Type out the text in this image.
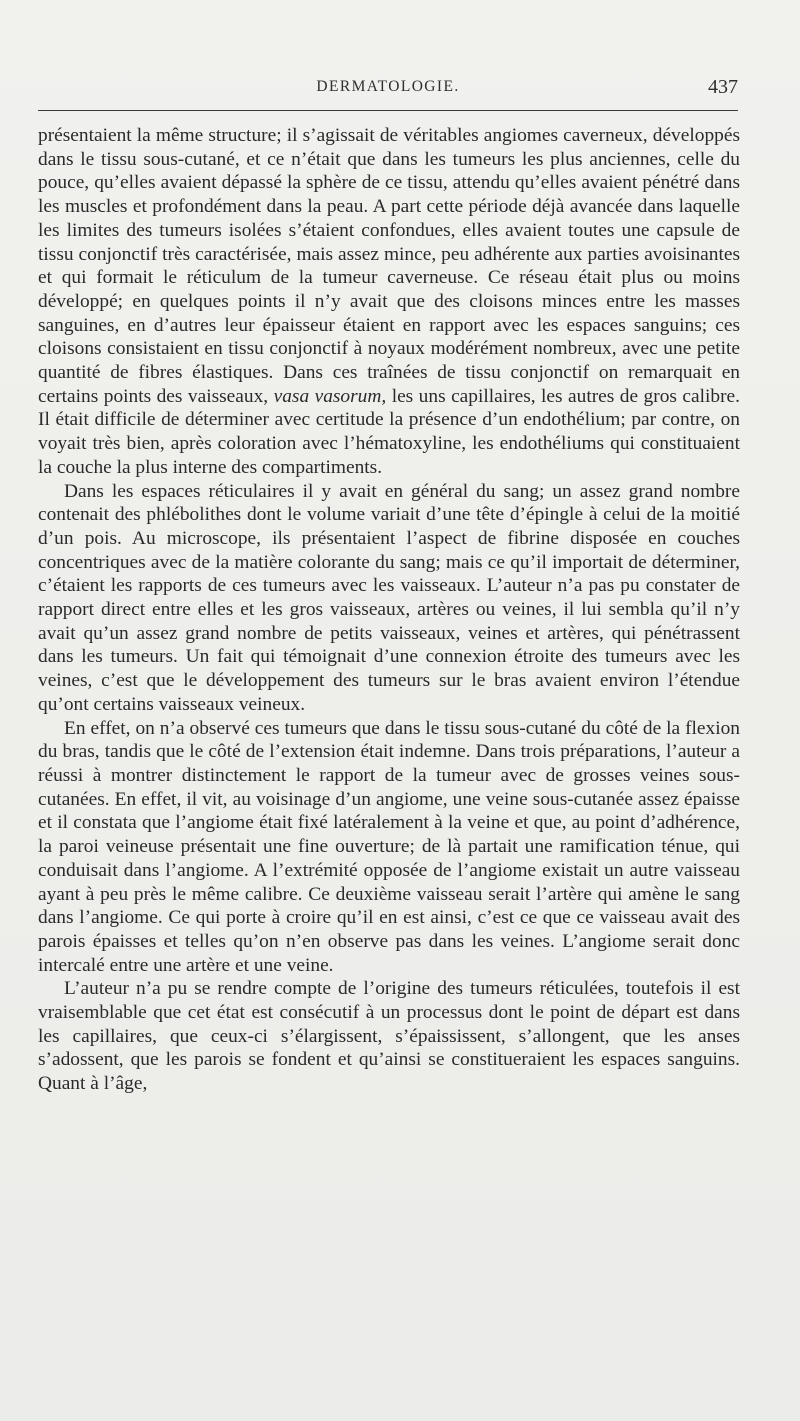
DERMATOLOGIE.	437

présentaient la même structure; il s’agissait de véritables angiomes caverneux, développés dans le tissu sous-cutané, et ce n’était que dans les tumeurs les plus anciennes, celle du pouce, qu’elles avaient dépassé la sphère de ce tissu, attendu qu’elles avaient pénétré dans les muscles et profondément dans la peau. A part cette période déjà avancée dans laquelle les limites des tumeurs isolées s’étaient confondues, elles avaient toutes une capsule de tissu conjonctif très caractérisée, mais assez mince, peu adhérente aux parties avoisinantes et qui formait le réticulum de la tumeur caverneuse. Ce réseau était plus ou moins développé; en quelques points il n’y avait que des cloisons minces entre les masses sanguines, en d’autres leur épaisseur étaient en rapport avec les espaces sanguins; ces cloisons consistaient en tissu conjonctif à noyaux modérément nombreux, avec une petite quantité de fibres élastiques. Dans ces traînées de tissu conjonctif on remarquait en certains points des vaisseaux, vasa vasorum, les uns capillaires, les autres de gros calibre. Il était difficile de déterminer avec certitude la présence d’un endothélium; par contre, on voyait très bien, après coloration avec l’hématoxyline, les endothéliums qui constituaient la couche la plus interne des compartiments.

Dans les espaces réticulaires il y avait en général du sang; un assez grand nombre contenait des phlébolithes dont le volume variait d’une tête d’épingle à celui de la moitié d’un pois. Au microscope, ils présentaient l’aspect de fibrine disposée en couches concentriques avec de la matière colorante du sang; mais ce qu’il importait de déterminer, c’étaient les rapports de ces tumeurs avec les vaisseaux. L’auteur n’a pas pu constater de rapport direct entre elles et les gros vaisseaux, artères ou veines, il lui sembla qu’il n’y avait qu’un assez grand nombre de petits vaisseaux, veines et artères, qui pénétrassent dans les tumeurs. Un fait qui témoignait d’une connexion étroite des tumeurs avec les veines, c’est que le développement des tumeurs sur le bras avaient environ l’étendue qu’ont certains vaisseaux veineux.

En effet, on n’a observé ces tumeurs que dans le tissu sous-cutané du côté de la flexion du bras, tandis que le côté de l’extension était indemne. Dans trois préparations, l’auteur a réussi à montrer distinctement le rapport de la tumeur avec de grosses veines sous-cutanées. En effet, il vit, au voisinage d’un angiome, une veine sous-cutanée assez épaisse et il constata que l’angiome était fixé latéralement à la veine et que, au point d’adhérence, la paroi veineuse présentait une fine ouverture; de là partait une ramification ténue, qui conduisait dans l’angiome. A l’extrémité opposée de l’angiome existait un autre vaisseau ayant à peu près le même calibre. Ce deuxième vaisseau serait l’artère qui amène le sang dans l’angiome. Ce qui porte à croire qu’il en est ainsi, c’est ce que ce vaisseau avait des parois épaisses et telles qu’on n’en observe pas dans les veines. L’angiome serait donc intercalé entre une artère et une veine.

L’auteur n’a pu se rendre compte de l’origine des tumeurs réticulées, toutefois il est vraisemblable que cet état est consécutif à un processus dont le point de départ est dans les capillaires, que ceux-ci s’élargissent, s’épaississent, s’allongent, que les anses s’adossent, que les parois se fondent et qu’ainsi se constitueraient les espaces sanguins. Quant à l’âge,
